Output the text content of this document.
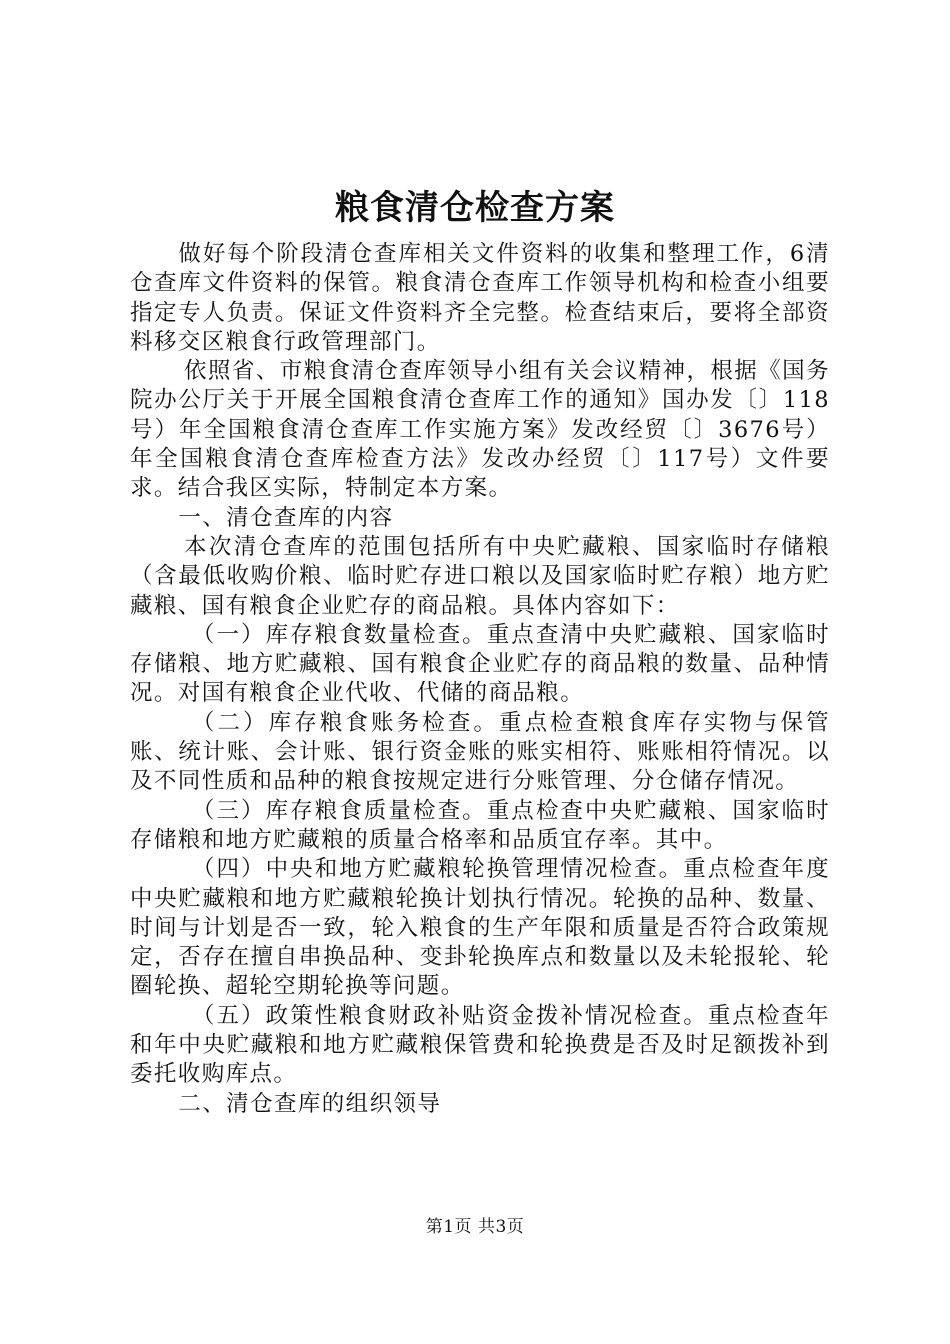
粮食清仓检查方案

做好每个阶段清仓查库相关文件资料的收集和整理工作，6清仓查库文件资料的保管。粮食清仓查库工作领导机构和检查小组要指定专人负责。保证文件资料齐全完整。检查结束后，要将全部资料移交区粮食行政管理部门。

依照省、市粮食清仓查库领导小组有关会议精神，根据《国务院办公厅关于开展全国粮食清仓查库工作的通知》国办发〔〕118号）年全国粮食清仓查库工作实施方案》发改经贸〔〕3676号）年全国粮食清仓查库检查方法》发改办经贸〔〕117号）文件要求。结合我区实际，特制定本方案。

一、清仓查库的内容

本次清仓查库的范围包括所有中央贮藏粮、国家临时存储粮（含最低收购价粮、临时贮存进口粮以及国家临时贮存粮）地方贮藏粮、国有粮食企业贮存的商品粮。具体内容如下：

（一）库存粮食数量检查。重点查清中央贮藏粮、国家临时存储粮、地方贮藏粮、国有粮食企业贮存的商品粮的数量、品种情况。对国有粮食企业代收、代储的商品粮。

（二）库存粮食账务检查。重点检查粮食库存实物与保管账、统计账、会计账、银行资金账的账实相符、账账相符情况。以及不同性质和品种的粮食按规定进行分账管理、分仓储存情况。

（三）库存粮食质量检查。重点检查中央贮藏粮、国家临时存储粮和地方贮藏粮的质量合格率和品质宜存率。其中。

（四）中央和地方贮藏粮轮换管理情况检查。重点检查年度中央贮藏粮和地方贮藏粮轮换计划执行情况。轮换的品种、数量、时间与计划是否一致，轮入粮食的生产年限和质量是否符合政策规定，否存在擅自串换品种、变卦轮换库点和数量以及未轮报轮、轮圈轮换、超轮空期轮换等问题。

（五）政策性粮食财政补贴资金拨补情况检查。重点检查年和年中央贮藏粮和地方贮藏粮保管费和轮换费是否及时足额拨补到委托收购库点。

二、清仓查库的组织领导

第1页 共3页
